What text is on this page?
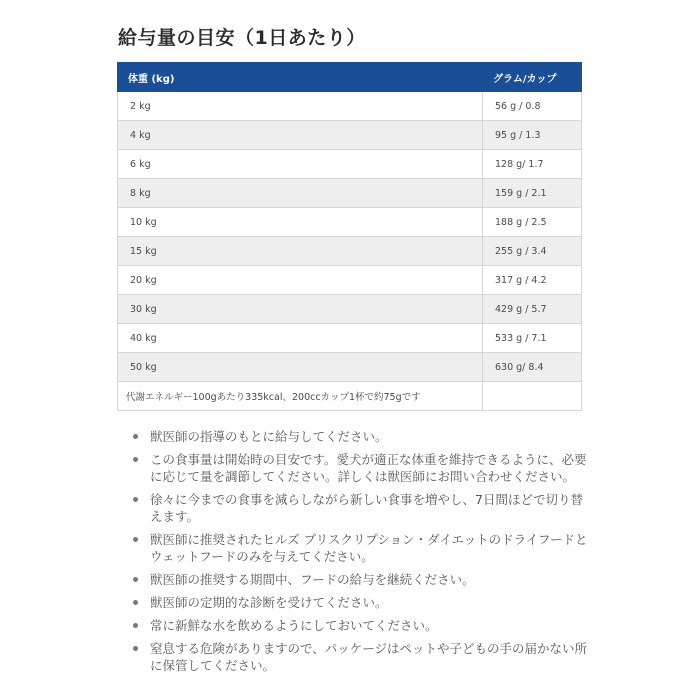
給与量の目安（1日あたり）
体重 (kg)	グラム/カップ
2 kg	56 g / 0.8
4 kg	95 g / 1.3
6 kg	128 g/ 1.7
8 kg	159 g / 2.1
10 kg	188 g / 2.5
15 kg	255 g / 3.4
20 kg	317 g / 4.2
30 kg	429 g / 5.7
40 kg	533 g / 7.1
50 kg	630 g/ 8.4
代謝エネルギー100gあたり335kcal、200ccカップ1杯で約75gです	
獣医師の指導のもとに給与してください。
この食事量は開始時の目安です。愛犬が適正な体重を維持できるように、必要に応じて量を調節してください。詳しくは獣医師にお問い合わせください。
徐々に今までの食事を減らしながら新しい食事を増やし、7日間ほどで切り替えます。
獣医師に推奨されたヒルズ プリスクリプション・ダイエットのドライフードとウェットフードのみを与えてください。
獣医師の推奨する期間中、フードの給与を継続ください。
獣医師の定期的な診断を受けてください。
常に新鮮な水を飲めるようにしておいてください。
窒息する危険がありますので、パッケージはペットや子どもの手の届かない所に保管してください。
